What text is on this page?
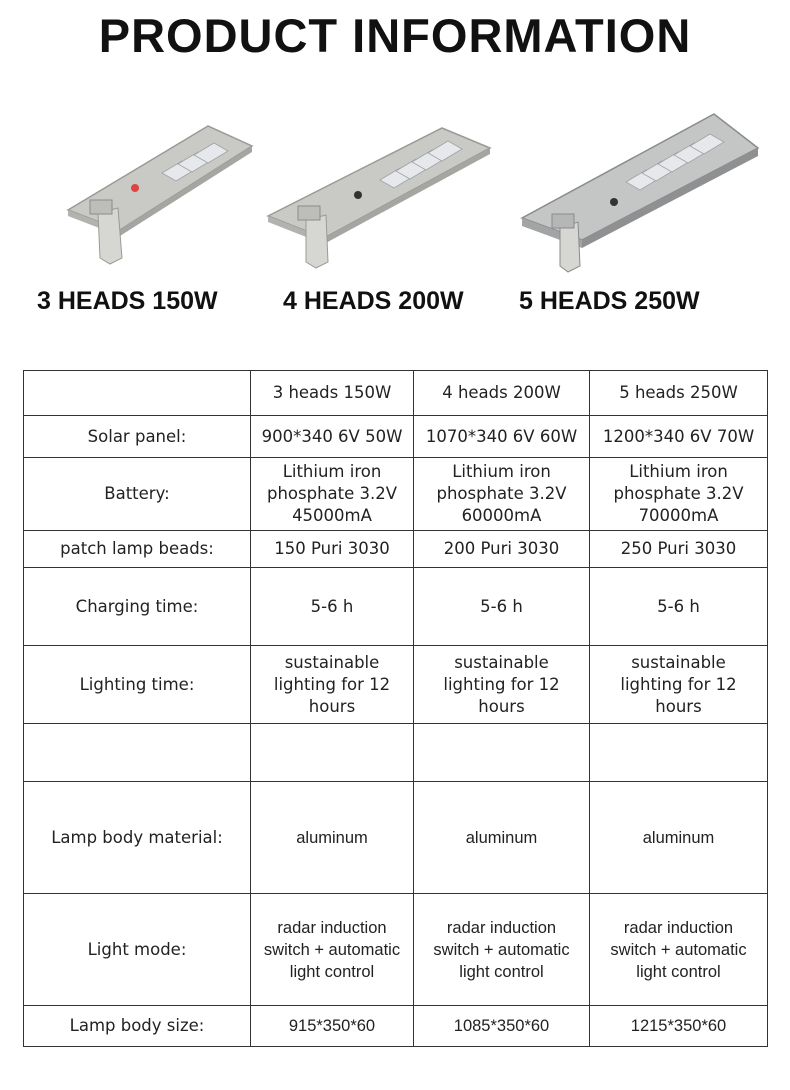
PRODUCT INFORMATION
3 HEADS 150W	4 HEADS 200W 5 HEADS 250W
	3 heads 150W	4 heads 200W	5 heads 250W
Solar panel:	900*340 6V 50W	1070*340 6V 60W	1200*340 6V 70W
Battery:	Lithium iron phosphate 3.2V 45000mA	Lithium iron phosphate 3.2V 60000mA	Lithium iron phosphate 3.2V 70000mA
patch lamp beads:	150 Puri 3030	200 Puri 3030	250 Puri 3030
Charging time:	5-6 h	5-6 h	5-6 h
Lighting time:	sustainable lighting for 12 hours	sustainable lighting for 12 hours	sustainable lighting for 12 hours

Lamp body material:	aluminum	aluminum	aluminum
Light mode:	radar induction switch + automatic light control	radar induction switch + automatic light control	radar induction switch + automatic light control
Lamp body size:	915*350*60	1085*350*60	1215*350*60
